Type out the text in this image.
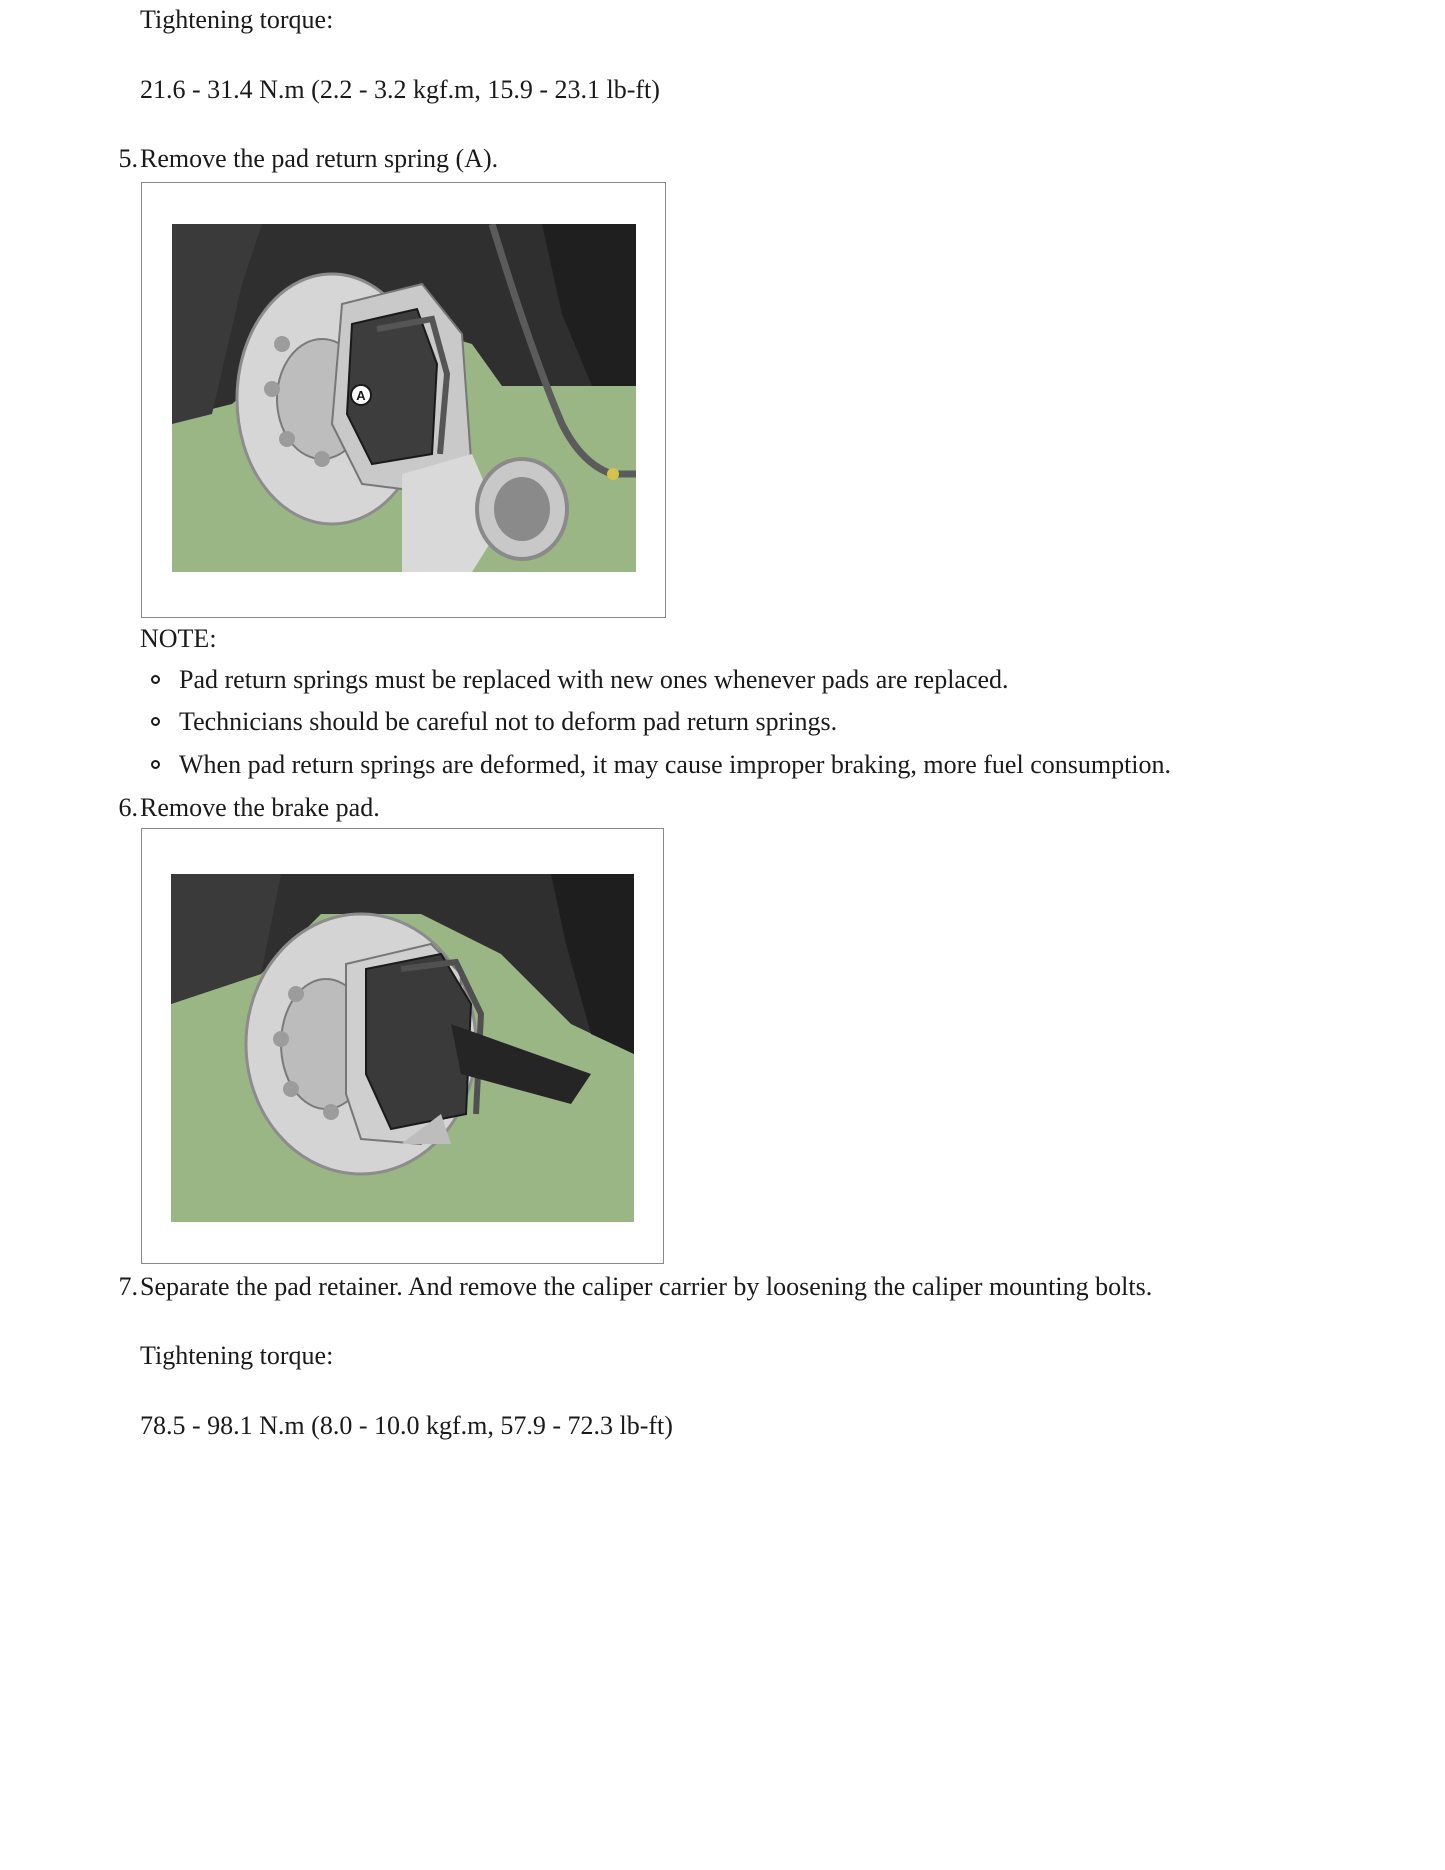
Tightening torque:
21.6 - 31.4 N.m (2.2 - 3.2 kgf.m, 15.9 - 23.1 lb-ft)
5. Remove the pad return spring (A).
A
NOTE:
Pad return springs must be replaced with new ones whenever pads are replaced.
Technicians should be careful not to deform pad return springs.
When pad return springs are deformed, it may cause improper braking, more fuel consumption.
6. Remove the brake pad.
7. Separate the pad retainer. And remove the caliper carrier by loosening the caliper mounting bolts.
Tightening torque:
78.5 - 98.1 N.m (8.0 - 10.0 kgf.m, 57.9 - 72.3 lb-ft)
